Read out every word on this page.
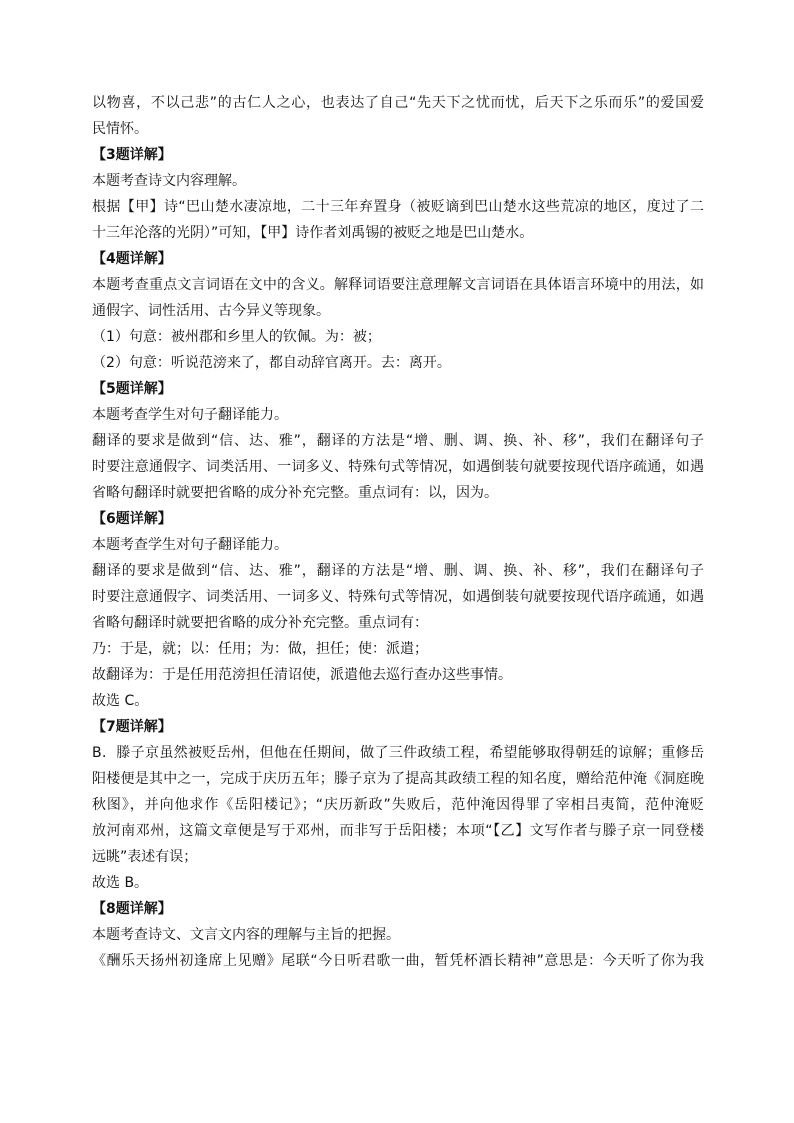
以物喜，不以己悲”的古仁人之心，也表达了自己“先天下之忧而忧，后天下之乐而乐”的爱国爱
民情怀。
【3题详解】
本题考查诗文内容理解。
根据【甲】诗“巴山楚水凄凉地，二十三年弃置身（被贬谪到巴山楚水这些荒凉的地区，度过了二
十三年沦落的光阴）”可知，【甲】诗作者刘禹锡的被贬之地是巴山楚水。
【4题详解】
本题考查重点文言词语在文中的含义。解释词语要注意理解文言词语在具体语言环境中的用法，如
通假字、词性活用、古今异义等现象。
（1）句意：被州郡和乡里人的钦佩。为：被；
（2）句意：听说范滂来了，都自动辞官离开。去：离开。
【5题详解】
本题考查学生对句子翻译能力。
翻译的要求是做到“信、达、雅”，翻译的方法是“增、删、调、换、补、移”，我们在翻译句子
时要注意通假字、词类活用、一词多义、特殊句式等情况，如遇倒装句就要按现代语序疏通，如遇
省略句翻译时就要把省略的成分补充完整。重点词有：以，因为。
【6题详解】
本题考查学生对句子翻译能力。
翻译的要求是做到“信、达、雅”，翻译的方法是“增、删、调、换、补、移”，我们在翻译句子
时要注意通假字、词类活用、一词多义、特殊句式等情况，如遇倒装句就要按现代语序疏通，如遇
省略句翻译时就要把省略的成分补充完整。重点词有：
乃：于是，就；以：任用；为：做，担任；使：派遣；
故翻译为：于是任用范滂担任清诏使，派遣他去巡行查办这些事情。
故选 C。
【7题详解】
B．滕子京虽然被贬岳州，但他在任期间，做了三件政绩工程，希望能够取得朝廷的谅解；重修岳
阳楼便是其中之一，完成于庆历五年；滕子京为了提高其政绩工程的知名度，赠给范仲淹《洞庭晚
秋图》，并向他求作《岳阳楼记》；“庆历新政”失败后，范仲淹因得罪了宰相吕夷简，范仲淹贬
放河南邓州，这篇文章便是写于邓州，而非写于岳阳楼；本项“【乙】文写作者与滕子京一同登楼
远眺”表述有误；
故选 B。
【8题详解】
本题考查诗文、文言文内容的理解与主旨的把握。
《酬乐天扬州初逢席上见赠》尾联“今日听君歌一曲，暂凭杯酒长精神”意思是：今天听了你为我
